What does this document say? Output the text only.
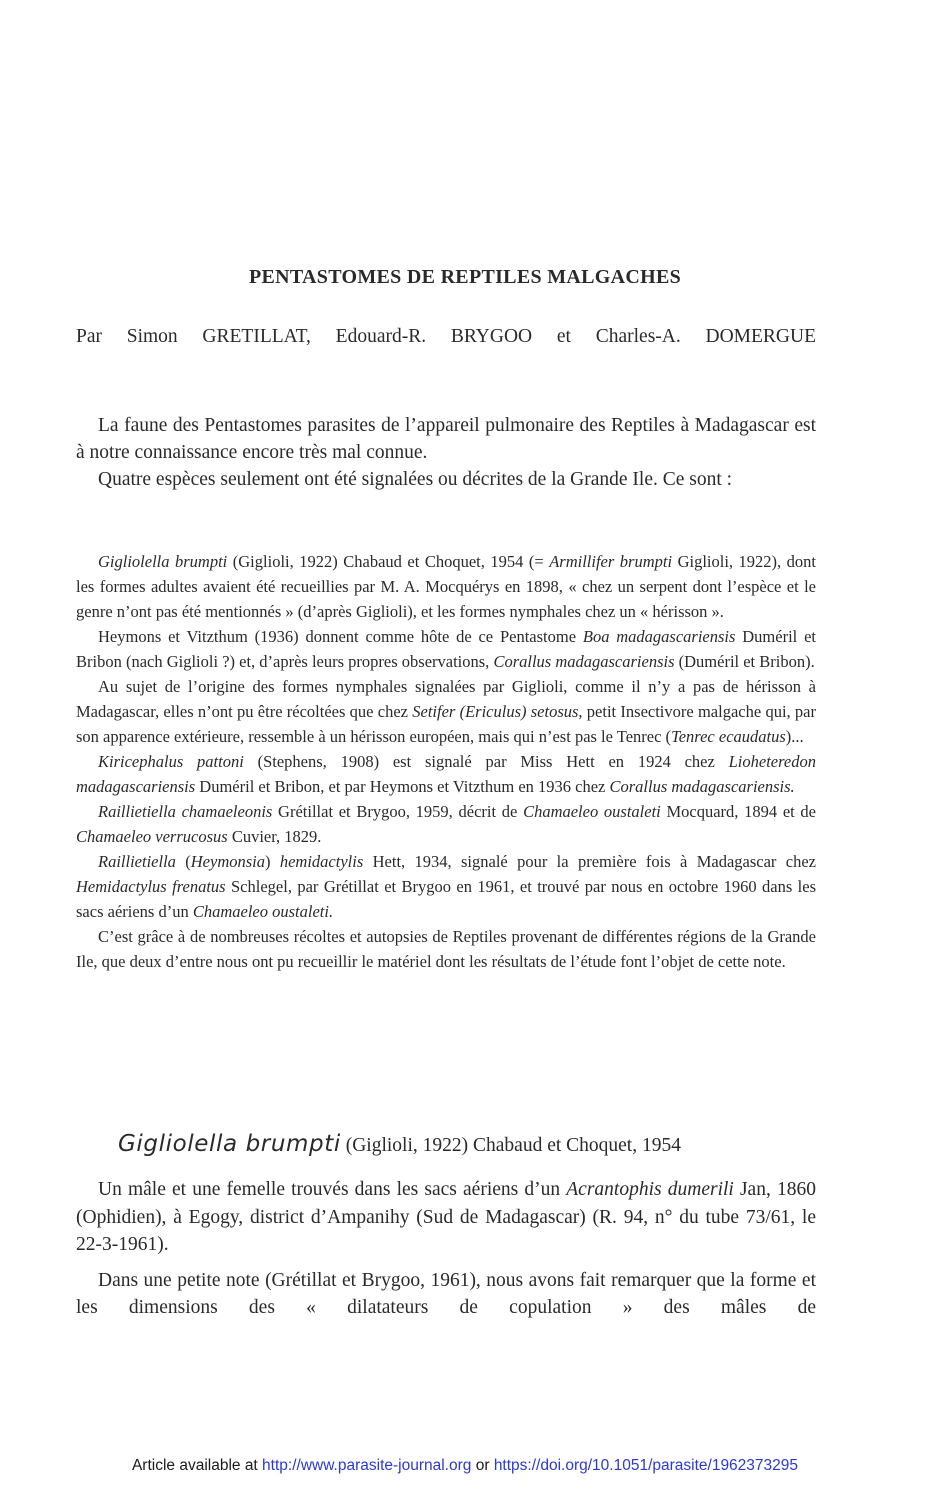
PENTASTOMES DE REPTILES MALGACHES
Par Simon GRETILLAT, Edouard-R. BRYGOO et Charles-A. DOMERGUE

La faune des Pentastomes parasites de l’appareil pulmonaire des Reptiles à Madagascar est à notre connaissance encore très mal connue.

Quatre espèces seulement ont été signalées ou décrites de la Grande Ile. Ce sont :

Gigliolella brumpti (Giglioli, 1922) Chabaud et Choquet, 1954 (= Armillifer brumpti Giglioli, 1922), dont les formes adultes avaient été recueillies par M. A. Mocquérys en 1898, « chez un serpent dont l’espèce et le genre n’ont pas été mentionnés » (d’après Giglioli), et les formes nymphales chez un « hérisson ».

Heymons et Vitzthum (1936) donnent comme hôte de ce Pentastome Boa madagascariensis Duméril et Bribon (nach Giglioli ?) et, d’après leurs propres observations, Corallus madagascariensis (Duméril et Bribon).

Au sujet de l’origine des formes nymphales signalées par Giglioli, comme il n’y a pas de hérisson à Madagascar, elles n’ont pu être récoltées que chez Setifer (Ericulus) setosus, petit Insectivore malgache qui, par son apparence extérieure, ressemble à un hérisson européen, mais qui n’est pas le Tenrec (Tenrec ecaudatus)...

Kiricephalus pattoni (Stephens, 1908) est signalé par Miss Hett en 1924 chez Lioheteredon madagascariensis Duméril et Bribon, et par Heymons et Vitzthum en 1936 chez Corallus madagascariensis.

Raillietiella chamaeleonis Grétillat et Brygoo, 1959, décrit de Chamaeleo oustaleti Mocquard, 1894 et de Chamaeleo verrucosus Cuvier, 1829.

Raillietiella (Heymonsia) hemidactylis Hett, 1934, signalé pour la première fois à Madagascar chez Hemidactylus frenatus Schlegel, par Grétillat et Brygoo en 1961, et trouvé par nous en octobre 1960 dans les sacs aériens d’un Chamaeleo oustaleti.

C’est grâce à de nombreuses récoltes et autopsies de Reptiles provenant de différentes régions de la Grande Ile, que deux d’entre nous ont pu recueillir le matériel dont les résultats de l’étude font l’objet de cette note.

Gigliolella brumpti (Giglioli, 1922) Chabaud et Choquet, 1954

Un mâle et une femelle trouvés dans les sacs aériens d’un Acrantophis dumerili Jan, 1860 (Ophidien), à Egogy, district d’Ampanihy (Sud de Madagascar) (R. 94, n° du tube 73/61, le 22-3-1961).

Dans une petite note (Grétillat et Brygoo, 1961), nous avons fait remarquer que la forme et les dimensions des « dilatateurs de copulation » des mâles de

Article available at http://www.parasite-journal.org or https://doi.org/10.1051/parasite/1962373295
